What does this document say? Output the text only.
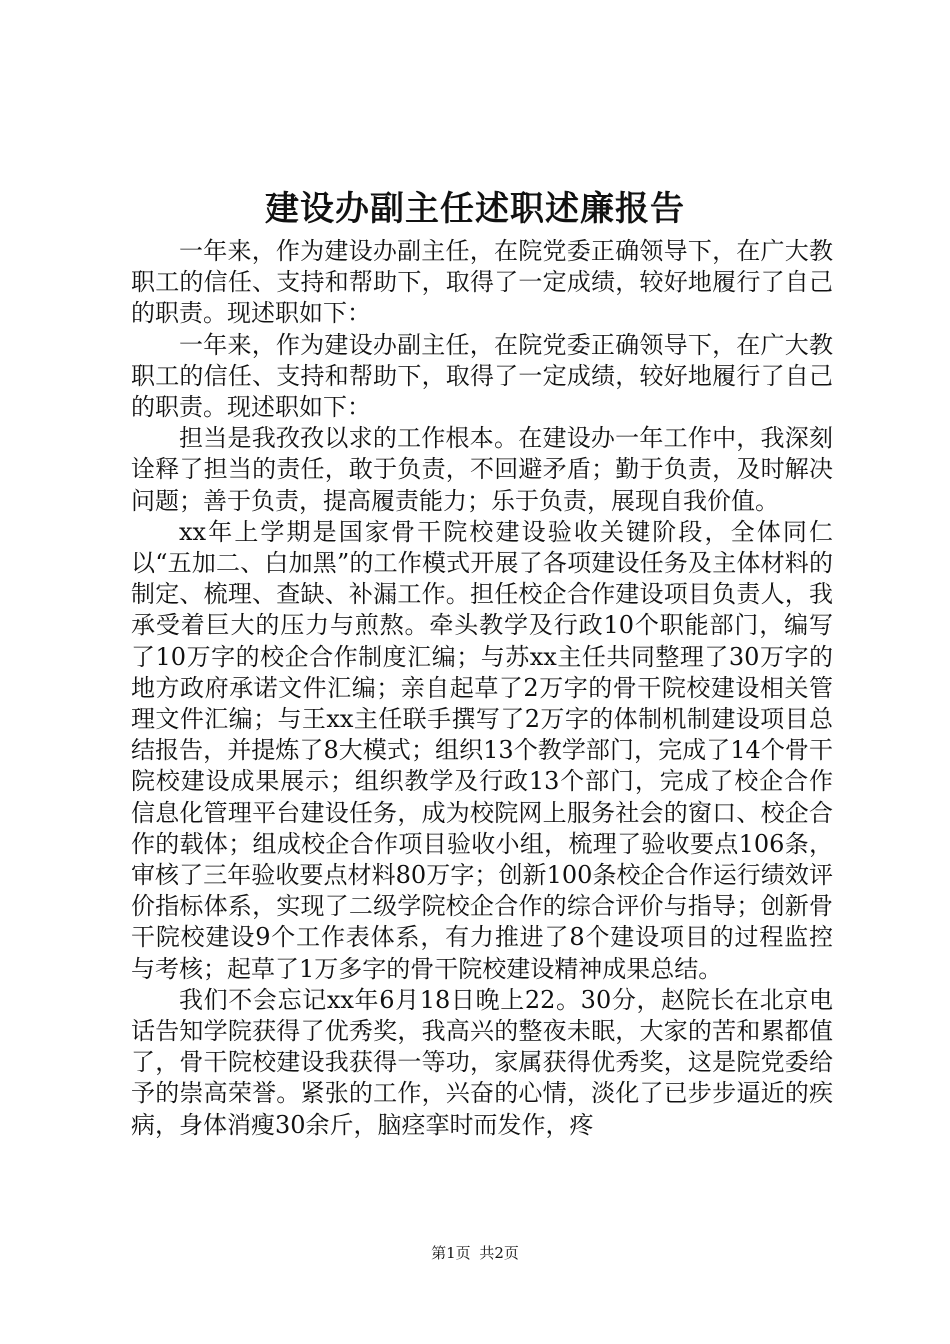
建设办副主任述职述廉报告

一年来，作为建设办副主任，在院党委正确领导下，在广大教职工的信任、支持和帮助下，取得了一定成绩，较好地履行了自己的职责。现述职如下：

一年来，作为建设办副主任，在院党委正确领导下，在广大教职工的信任、支持和帮助下，取得了一定成绩，较好地履行了自己的职责。现述职如下：

担当是我孜孜以求的工作根本。在建设办一年工作中，我深刻诠释了担当的责任，敢于负责，不回避矛盾；勤于负责，及时解决问题；善于负责，提高履责能力；乐于负责，展现自我价值。

xx年上学期是国家骨干院校建设验收关键阶段，全体同仁以“五加二、白加黑”的工作模式开展了各项建设任务及主体材料的制定、梳理、查缺、补漏工作。担任校企合作建设项目负责人，我承受着巨大的压力与煎熬。牵头教学及行政10个职能部门，编写了10万字的校企合作制度汇编；与苏xx主任共同整理了30万字的地方政府承诺文件汇编；亲自起草了2万字的骨干院校建设相关管理文件汇编；与王xx主任联手撰写了2万字的体制机制建设项目总结报告，并提炼了8大模式；组织13个教学部门，完成了14个骨干院校建设成果展示；组织教学及行政13个部门，完成了校企合作信息化管理平台建设任务，成为校院网上服务社会的窗口、校企合作的载体；组成校企合作项目验收小组，梳理了验收要点106条，审核了三年验收要点材料80万字；创新100条校企合作运行绩效评价指标体系，实现了二级学院校企合作的综合评价与指导；创新骨干院校建设9个工作表体系，有力推进了8个建设项目的过程监控与考核；起草了1万多字的骨干院校建设精神成果总结。

我们不会忘记xx年6月18日晚上22。30分，赵院长在北京电话告知学院获得了优秀奖，我高兴的整夜未眠，大家的苦和累都值了，骨干院校建设我获得一等功，家属获得优秀奖，这是院党委给予的崇高荣誉。紧张的工作，兴奋的心情，淡化了已步步逼近的疾病，身体消瘦30余斤，脑痉挛时而发作，疼

第1页 共2页
